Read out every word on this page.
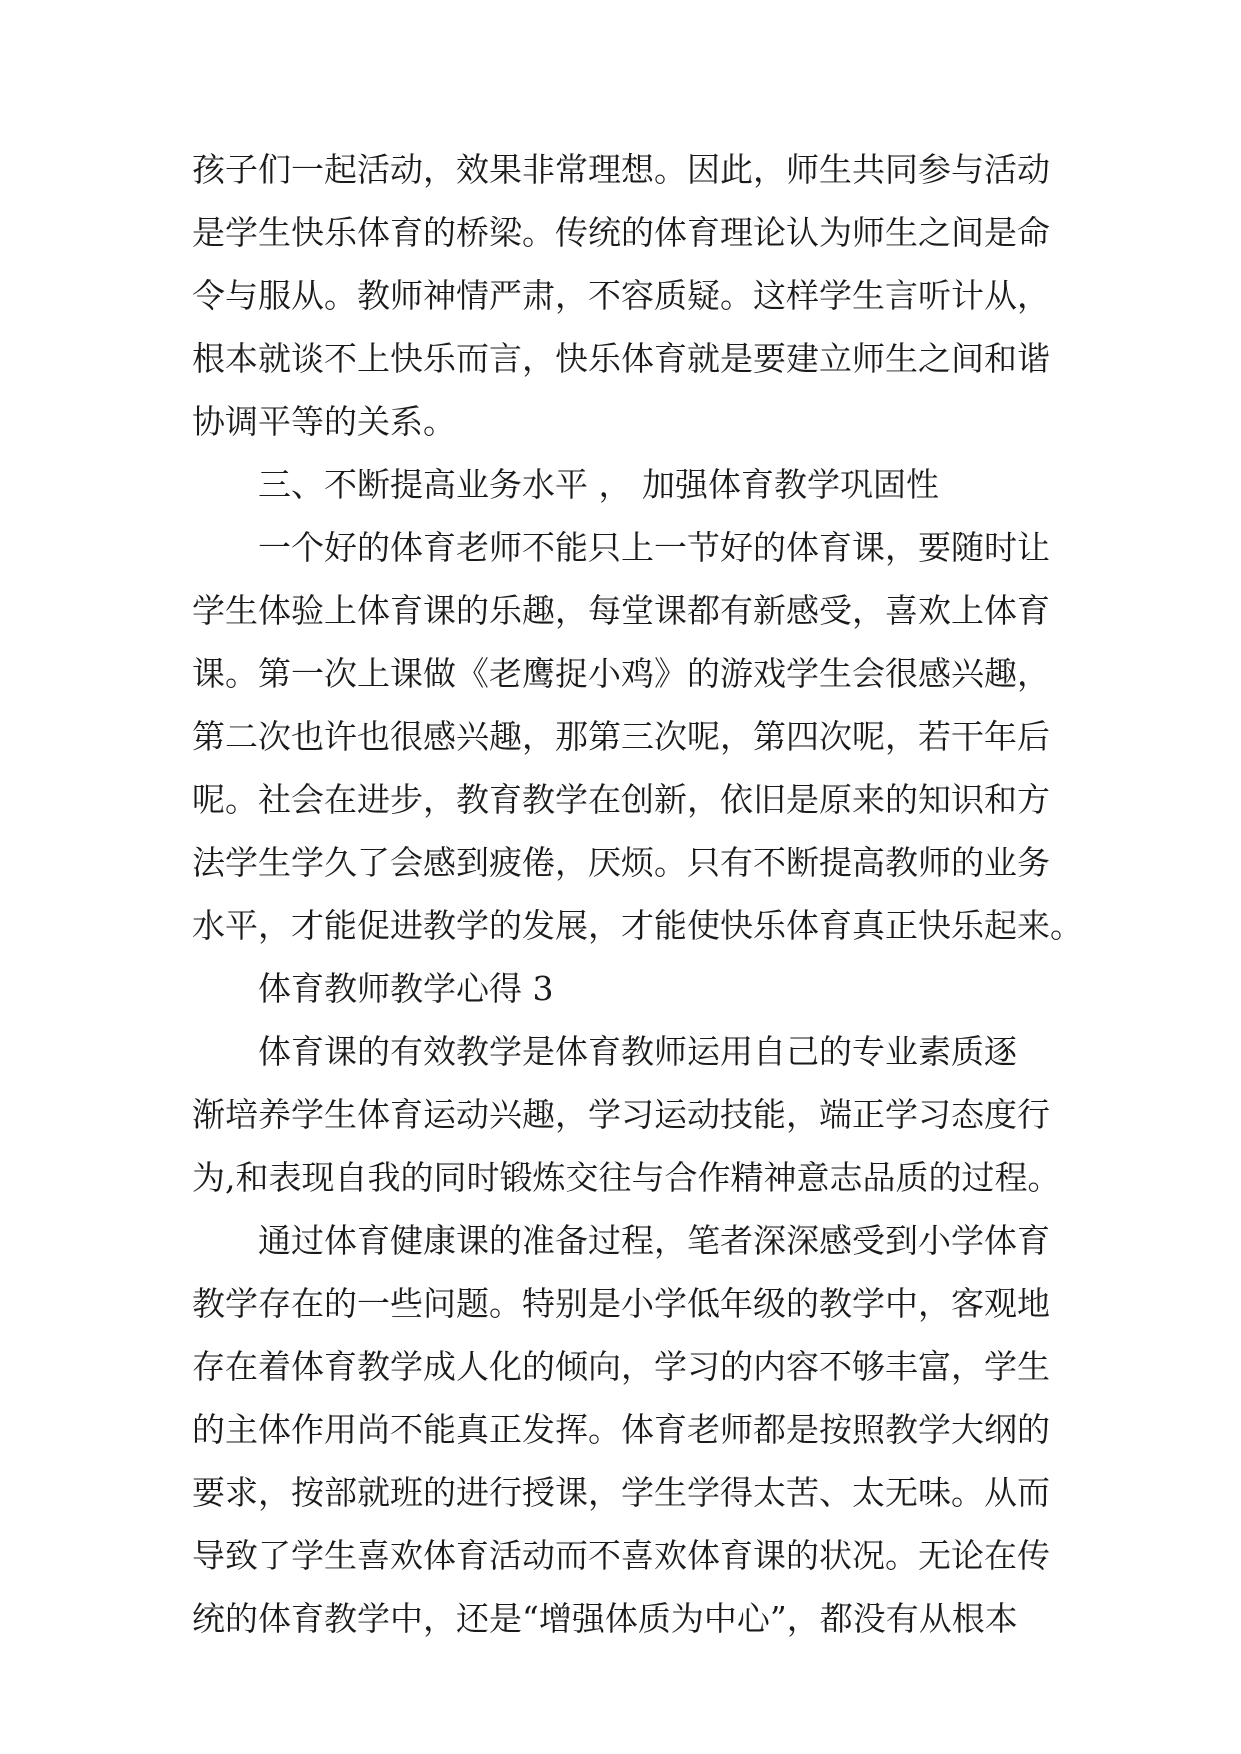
孩子们一起活动，效果非常理想。因此，师生共同参与活动
是学生快乐体育的桥梁。传统的体育理论认为师生之间是命
令与服从。教师神情严肃，不容质疑。这样学生言听计从，
根本就谈不上快乐而言，快乐体育就是要建立师生之间和谐
协调平等的关系。
三、不断提高业务水平 ， 加强体育教学巩固性
一个好的体育老师不能只上一节好的体育课，要随时让
学生体验上体育课的乐趣，每堂课都有新感受，喜欢上体育
课。第一次上课做《老鹰捉小鸡》的游戏学生会很感兴趣，
第二次也许也很感兴趣，那第三次呢，第四次呢，若干年后
呢。社会在进步，教育教学在创新，依旧是原来的知识和方
法学生学久了会感到疲倦，厌烦。只有不断提高教师的业务
水平，才能促进教学的发展，才能使快乐体育真正快乐起来。
体育教师教学心得 3
体育课的有效教学是体育教师运用自己的专业素质逐
渐培养学生体育运动兴趣，学习运动技能，端正学习态度行
为,和表现自我的同时锻炼交往与合作精神意志品质的过程。
通过体育健康课的准备过程，笔者深深感受到小学体育
教学存在的一些问题。特别是小学低年级的教学中，客观地
存在着体育教学成人化的倾向，学习的内容不够丰富，学生
的主体作用尚不能真正发挥。体育老师都是按照教学大纲的
要求，按部就班的进行授课，学生学得太苦、太无味。从而
导致了学生喜欢体育活动而不喜欢体育课的状况。无论在传
统的体育教学中，还是“增强体质为中心”，都没有从根本
